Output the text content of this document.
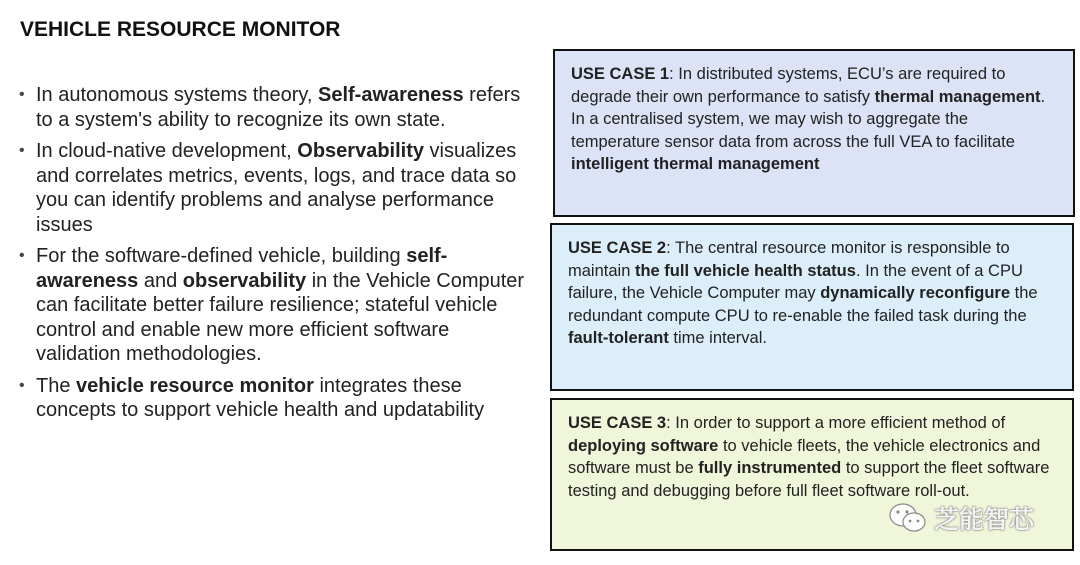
VEHICLE RESOURCE MONITOR
• In autonomous systems theory, Self-awareness refers to a system's ability to recognize its own state.
• In cloud-native development, Observability visualizes and correlates metrics, events, logs, and trace data so you can identify problems and analyse performance issues
• For the software-defined vehicle, building self-awareness and observability in the Vehicle Computer can facilitate better failure resilience; stateful vehicle control and enable new more efficient software validation methodologies.
• The vehicle resource monitor integrates these concepts to support vehicle health and updatability
USE CASE 1: In distributed systems, ECU’s are required to degrade their own performance to satisfy thermal management. In a centralised system, we may wish to aggregate the temperature sensor data from across the full VEA to facilitate intelligent thermal management
USE CASE 2: The central resource monitor is responsible to maintain the full vehicle health status. In the event of a CPU failure, the Vehicle Computer may dynamically reconfigure the redundant compute CPU to re-enable the failed task during the fault-tolerant time interval.
USE CASE 3: In order to support a more efficient method of deploying software to vehicle fleets, the vehicle electronics and software must be fully instrumented to support the fleet software testing and debugging before full fleet software roll-out.
芝能智芯
